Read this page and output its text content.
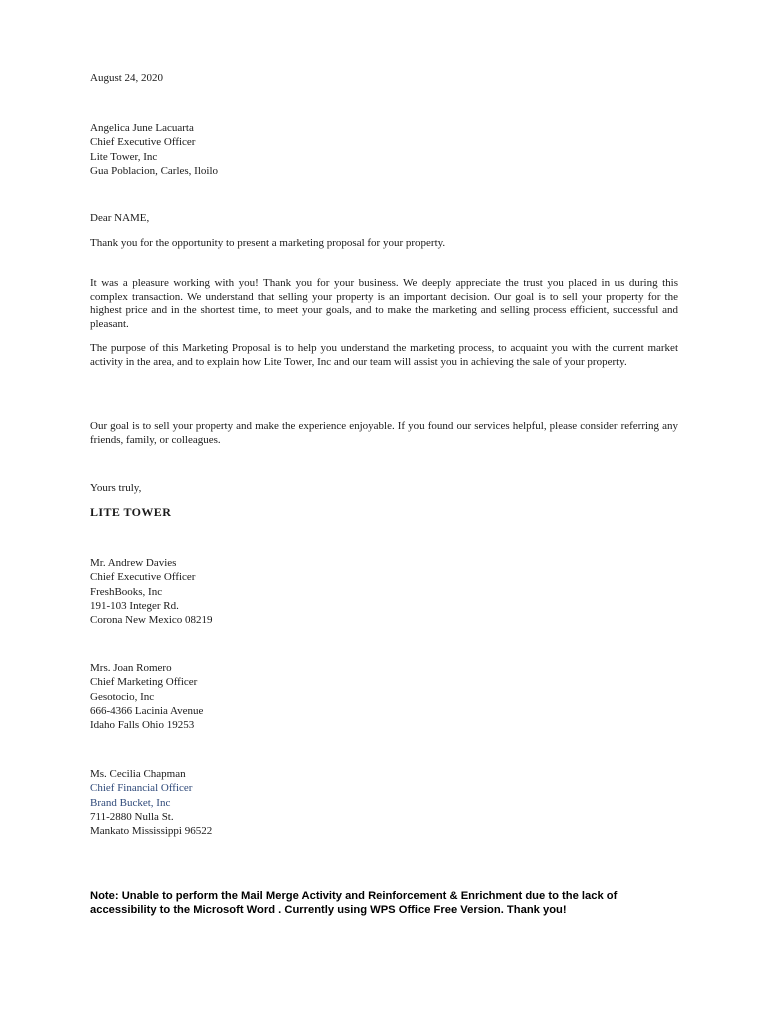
August 24, 2020
Angelica June Lacuarta
Chief Executive Officer
Lite Tower, Inc
Gua Poblacion, Carles, Iloilo
Dear NAME,

Thank you for the opportunity to present a marketing proposal for your property.

It was a pleasure working with you! Thank you for your business. We deeply appreciate the trust you placed in us during this complex transaction. We understand that selling your property is an important decision. Our goal is to sell your property for the highest price and in the shortest time, to meet your goals, and to make the marketing and selling process efficient, successful and pleasant.

The purpose of this Marketing Proposal is to help you understand the marketing process, to acquaint you with the current market activity in the area, and to explain how Lite Tower, Inc and our team will assist you in achieving the sale of your property.

Our goal is to sell your property and make the experience enjoyable. If you found our services helpful, please consider referring any friends, family, or colleagues.

Yours truly,
LITE TOWER
Mr. Andrew Davies
Chief Executive Officer
FreshBooks, Inc
191-103 Integer Rd.
Corona New Mexico 08219
Mrs. Joan Romero
Chief Marketing Officer
Gesotocio, Inc
666-4366 Lacinia Avenue
Idaho Falls Ohio 19253
Ms. Cecilia Chapman
Chief Financial Officer
Brand Bucket, Inc
711-2880 Nulla St.
Mankato Mississippi 96522
Note: Unable to perform the Mail Merge Activity and Reinforcement & Enrichment due to the lack of accessibility to the Microsoft Word . Currently using WPS Office Free Version. Thank you!
